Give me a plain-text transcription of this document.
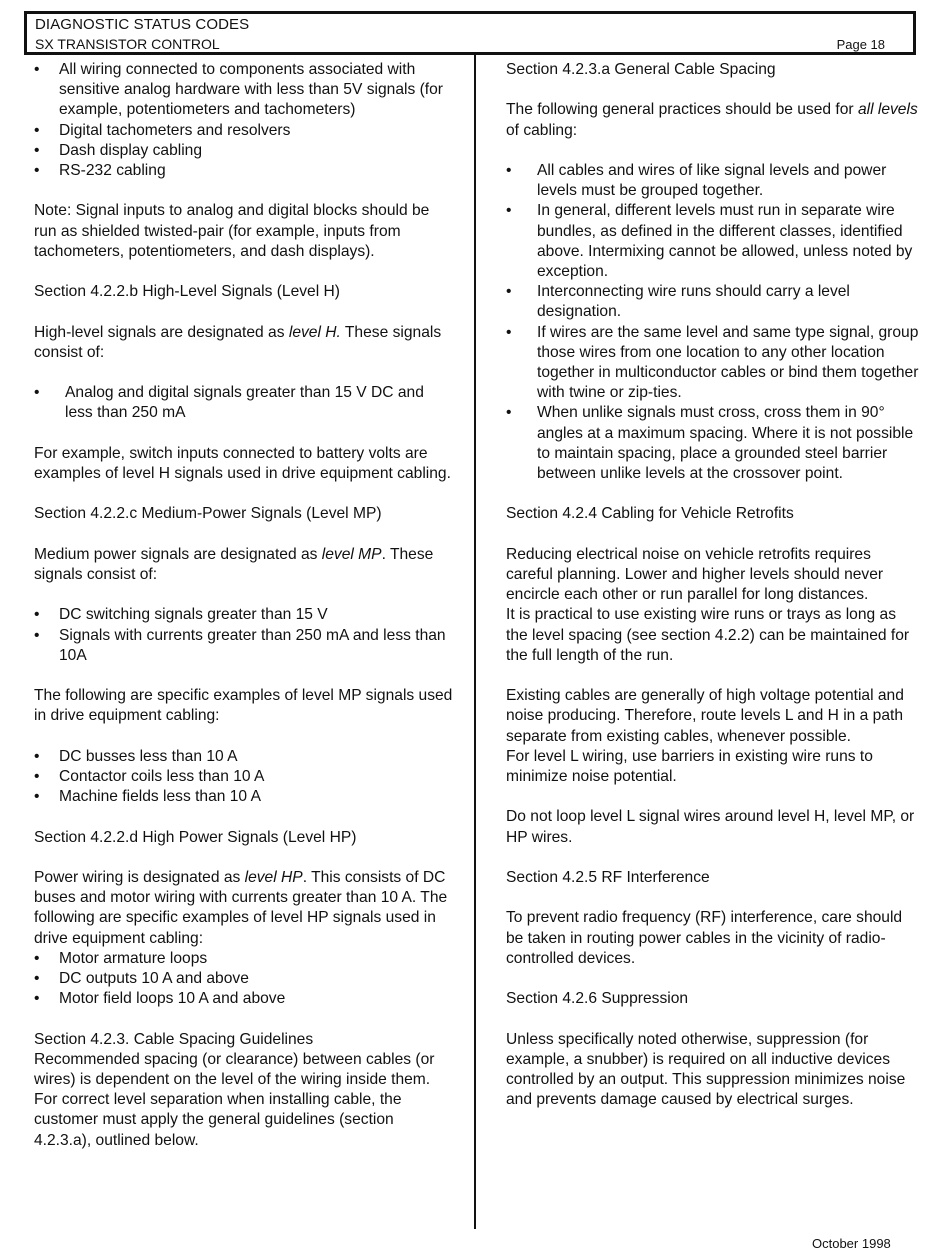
DIAGNOSTIC STATUS CODES
SX TRANSISTOR CONTROL	Page 18
• All wiring connected to components associated with sensitive analog hardware with less than 5V signals (for example, potentiometers and tachometers)
• Digital tachometers and resolvers
• Dash display cabling
• RS-232 cabling

Note: Signal inputs to analog and digital blocks should be run as shielded twisted-pair (for example, inputs from tachometers, potentiometers, and dash displays).

Section 4.2.2.b High-Level Signals (Level H)

High-level signals are designated as level H. These signals consist of:

• Analog and digital signals greater than 15 V DC and less than 250 mA

For example, switch inputs connected to battery volts are examples of level H signals used in drive equipment cabling.

Section 4.2.2.c Medium-Power Signals (Level MP)

Medium power signals are designated as level MP. These signals consist of:

• DC switching signals greater than 15 V
• Signals with currents greater than 250 mA and less than 10A

The following are specific examples of level MP signals used in drive equipment cabling:

• DC busses less than 10 A
• Contactor coils less than 10 A
• Machine fields less than 10 A

Section 4.2.2.d High Power Signals (Level HP)

Power wiring is designated as level HP. This consists of DC buses and motor wiring with currents greater than 10 A. The following are specific examples of level HP signals used in drive equipment cabling:

• Motor armature loops
• DC outputs 10 A and above
• Motor field loops 10 A and above

Section 4.2.3. Cable Spacing Guidelines

Recommended spacing (or clearance) between cables (or wires) is dependent on the level of the wiring inside them. For correct level separation when installing cable, the customer must apply the general guidelines (section 4.2.3.a), outlined below.

Section 4.2.3.a General Cable Spacing

The following general practices should be used for all levels of cabling:

• All cables and wires of like signal levels and power levels must be grouped together.
• In general, different levels must run in separate wire bundles, as defined in the different classes, identified above. Intermixing cannot be allowed, unless noted by exception.
• Interconnecting wire runs should carry a level designation.
• If wires are the same level and same type signal, group those wires from one location to any other location together in multiconductor cables or bind them together with twine or zip-ties.
• When unlike signals must cross, cross them in 90° angles at a maximum spacing. Where it is not possible to maintain spacing, place a grounded steel barrier between unlike levels at the crossover point.

Section 4.2.4 Cabling for Vehicle Retrofits

Reducing electrical noise on vehicle retrofits requires careful planning. Lower and higher levels should never encircle each other or run parallel for long distances.

It is practical to use existing wire runs or trays as long as the level spacing (see section 4.2.2) can be maintained for the full length of the run.

Existing cables are generally of high voltage potential and noise producing. Therefore, route levels L and H in a path separate from existing cables, whenever possible.

For level L wiring, use barriers in existing wire runs to minimize noise potential.

Do not loop level L signal wires around level H, level MP, or HP wires.

Section 4.2.5 RF Interference

To prevent radio frequency (RF) interference, care should be taken in routing power cables in the vicinity of radio-controlled devices.

Section 4.2.6 Suppression

Unless specifically noted otherwise, suppression (for example, a snubber) is required on all inductive devices controlled by an output. This suppression minimizes noise and prevents damage caused by electrical surges.

October 1998
